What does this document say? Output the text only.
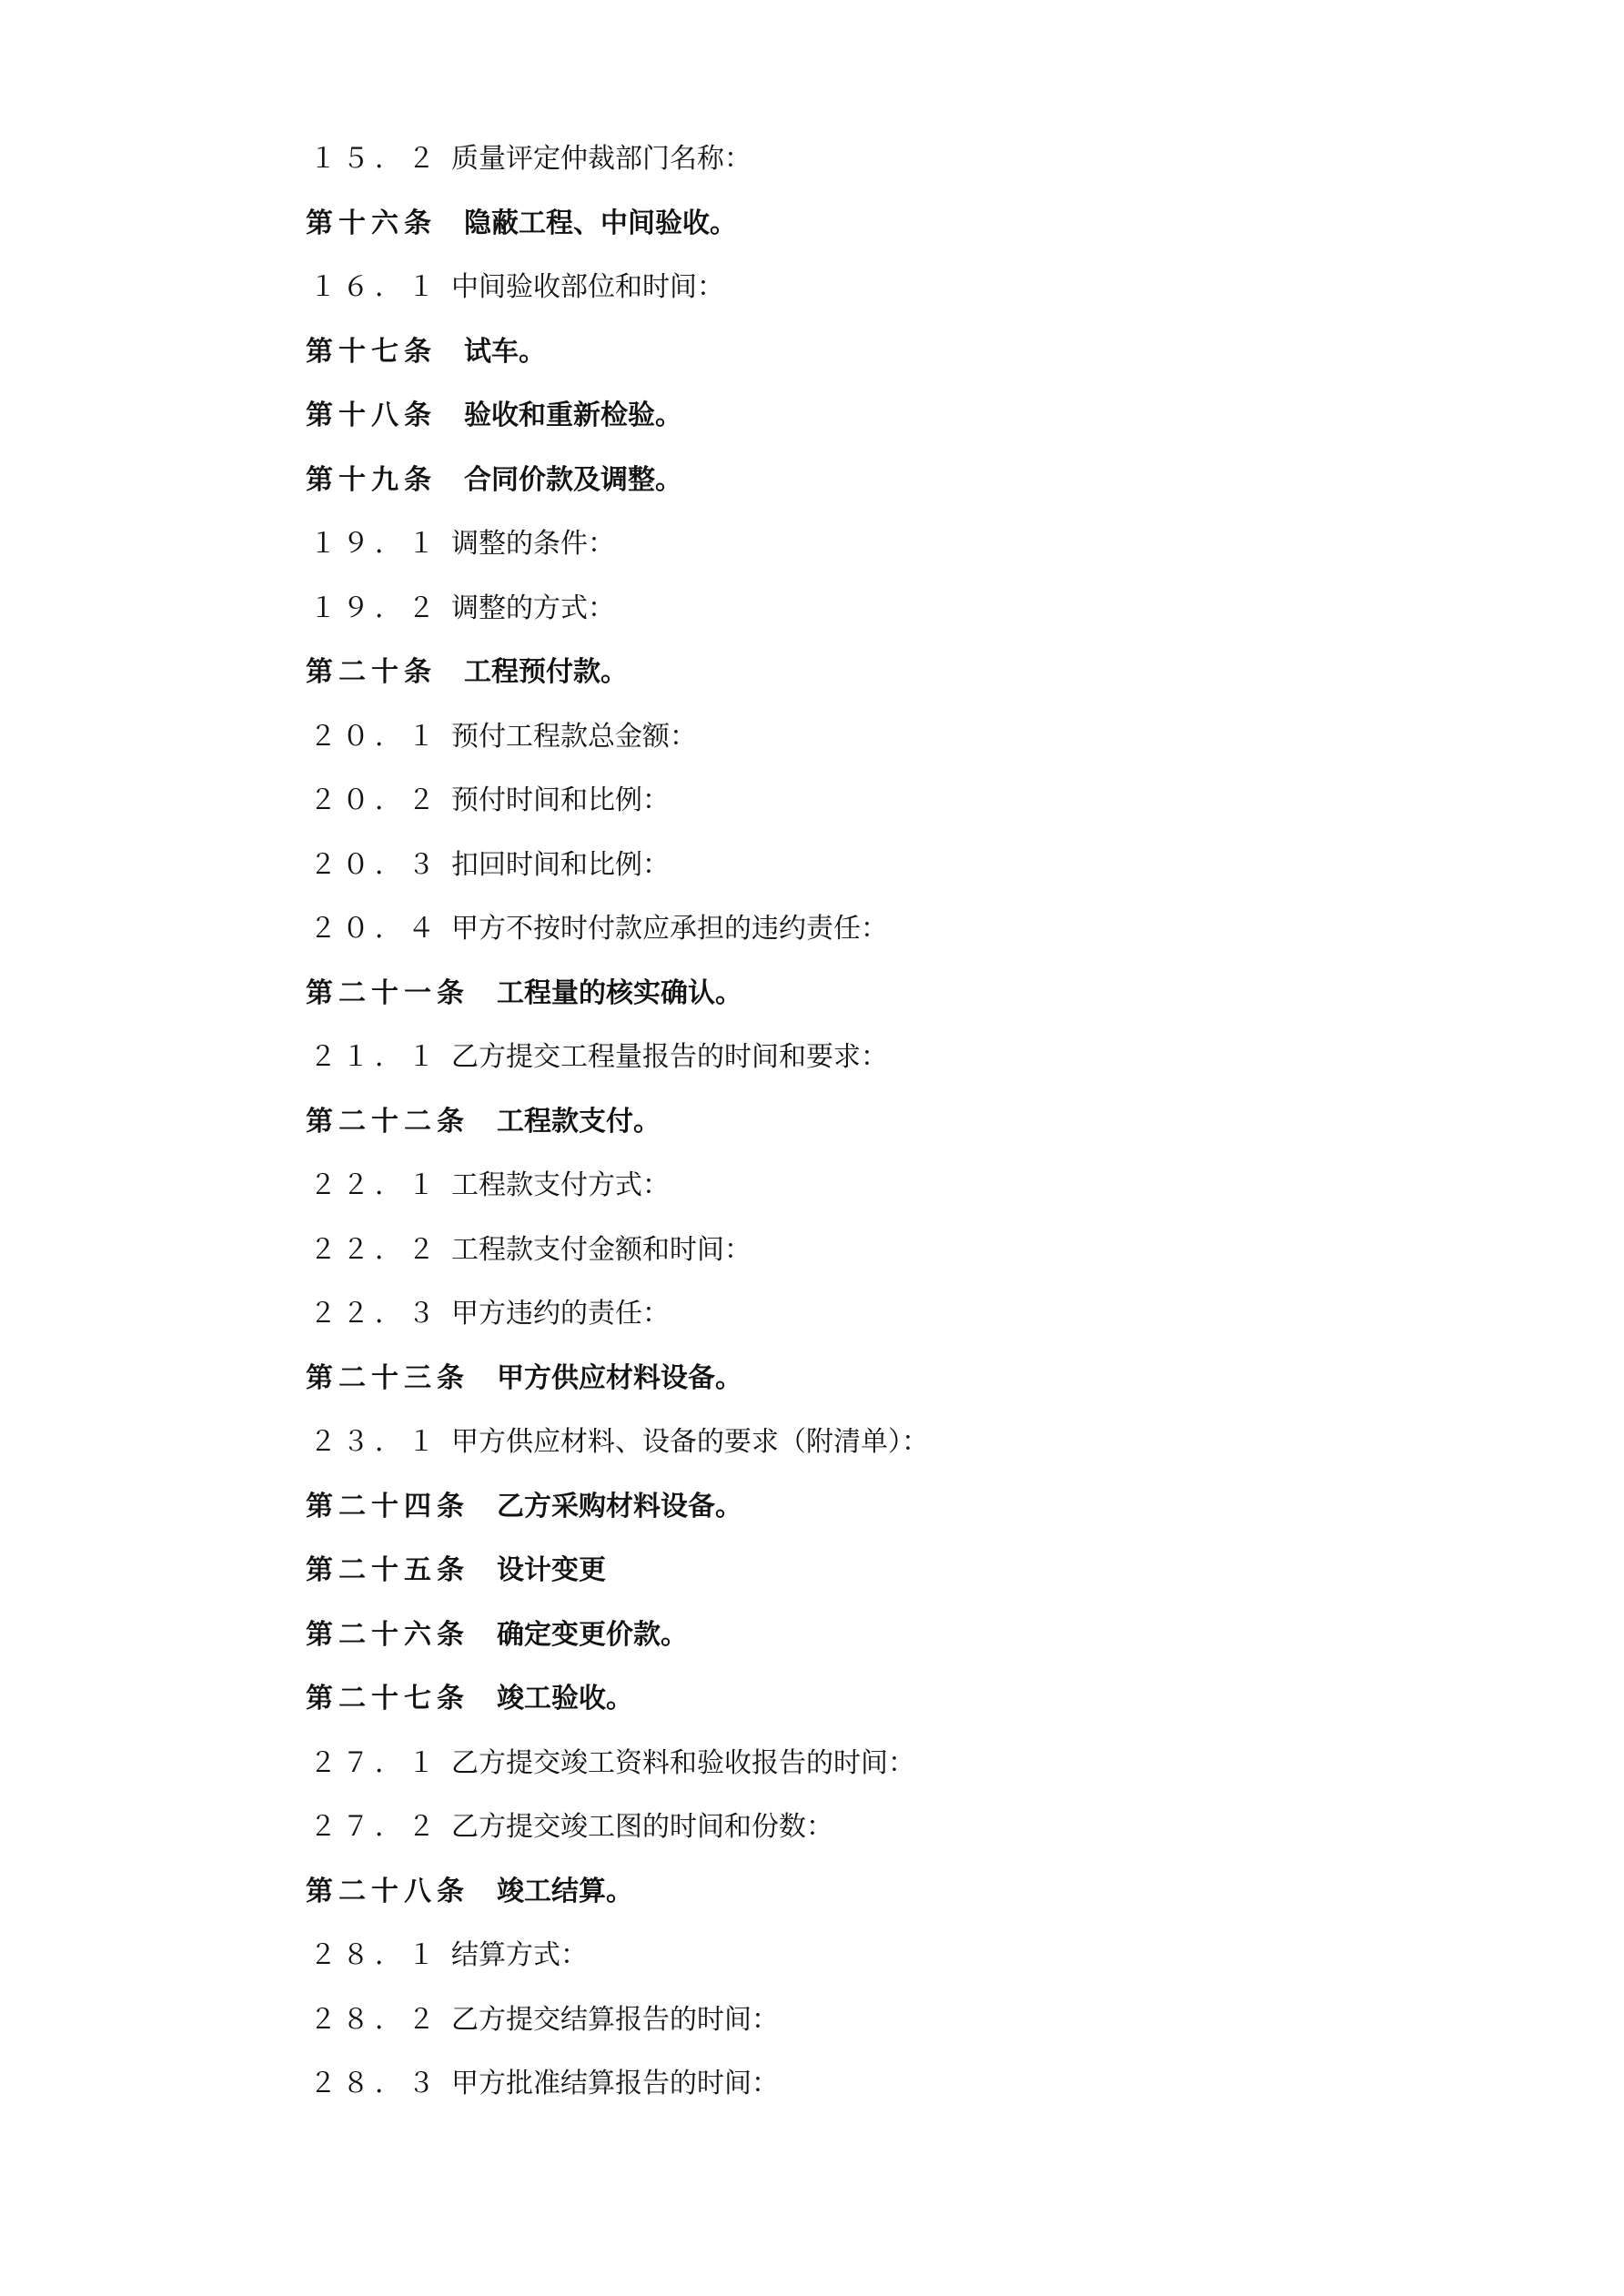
１５．２ 质量评定仲裁部门名称：
第十六条 隐蔽工程、中间验收。
１６．１ 中间验收部位和时间：
第十七条 试车。
第十八条 验收和重新检验。
第十九条 合同价款及调整。
１９．１ 调整的条件：
１９．２ 调整的方式：
第二十条 工程预付款。
２０．１ 预付工程款总金额：
２０．２ 预付时间和比例：
２０．３ 扣回时间和比例：
２０．４ 甲方不按时付款应承担的违约责任：
第二十一条 工程量的核实确认。
２１．１ 乙方提交工程量报告的时间和要求：
第二十二条 工程款支付。
２２．１ 工程款支付方式：
２２．２ 工程款支付金额和时间：
２２．３ 甲方违约的责任：
第二十三条 甲方供应材料设备。
２３．１ 甲方供应材料、设备的要求（附清单）：
第二十四条 乙方采购材料设备。
第二十五条 设计变更
第二十六条 确定变更价款。
第二十七条 竣工验收。
２７．１ 乙方提交竣工资料和验收报告的时间：
２７．２ 乙方提交竣工图的时间和份数：
第二十八条 竣工结算。
２８．１ 结算方式：
２８．２ 乙方提交结算报告的时间：
２８．３ 甲方批准结算报告的时间：
